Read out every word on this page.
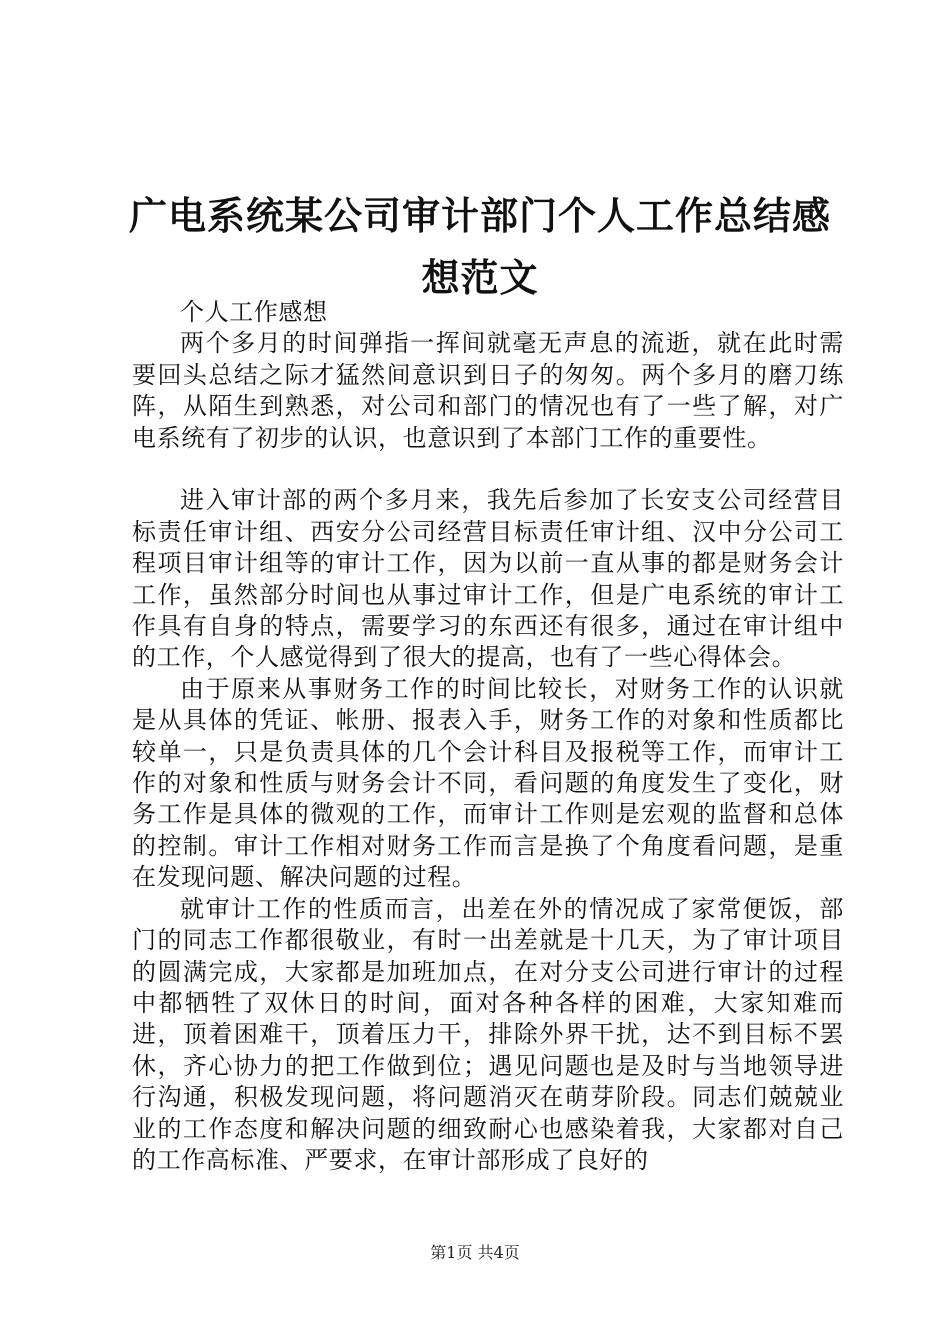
广电系统某公司审计部门个人工作总结感想范文

个人工作感想

两个多月的时间弹指一挥间就毫无声息的流逝，就在此时需要回头总结之际才猛然间意识到日子的匆匆。两个多月的磨刀练阵，从陌生到熟悉，对公司和部门的情况也有了一些了解，对广电系统有了初步的认识，也意识到了本部门工作的重要性。

进入审计部的两个多月来，我先后参加了长安支公司经营目标责任审计组、西安分公司经营目标责任审计组、汉中分公司工程项目审计组等的审计工作，因为以前一直从事的都是财务会计工作，虽然部分时间也从事过审计工作，但是广电系统的审计工作具有自身的特点，需要学习的东西还有很多，通过在审计组中的工作，个人感觉得到了很大的提高，也有了一些心得体会。

由于原来从事财务工作的时间比较长，对财务工作的认识就是从具体的凭证、帐册、报表入手，财务工作的对象和性质都比较单一，只是负责具体的几个会计科目及报税等工作，而审计工作的对象和性质与财务会计不同，看问题的角度发生了变化，财务工作是具体的微观的工作，而审计工作则是宏观的监督和总体的控制。审计工作相对财务工作而言是换了个角度看问题，是重在发现问题、解决问题的过程。

就审计工作的性质而言，出差在外的情况成了家常便饭，部门的同志工作都很敬业，有时一出差就是十几天，为了审计项目的圆满完成，大家都是加班加点，在对分支公司进行审计的过程中都牺牲了双休日的时间，面对各种各样的困难，大家知难而进，顶着困难干，顶着压力干，排除外界干扰，达不到目标不罢休，齐心协力的把工作做到位；遇见问题也是及时与当地领导进行沟通，积极发现问题，将问题消灭在萌芽阶段。同志们兢兢业业的工作态度和解决问题的细致耐心也感染着我，大家都对自己的工作高标准、严要求，在审计部形成了良好的

第1页 共4页
